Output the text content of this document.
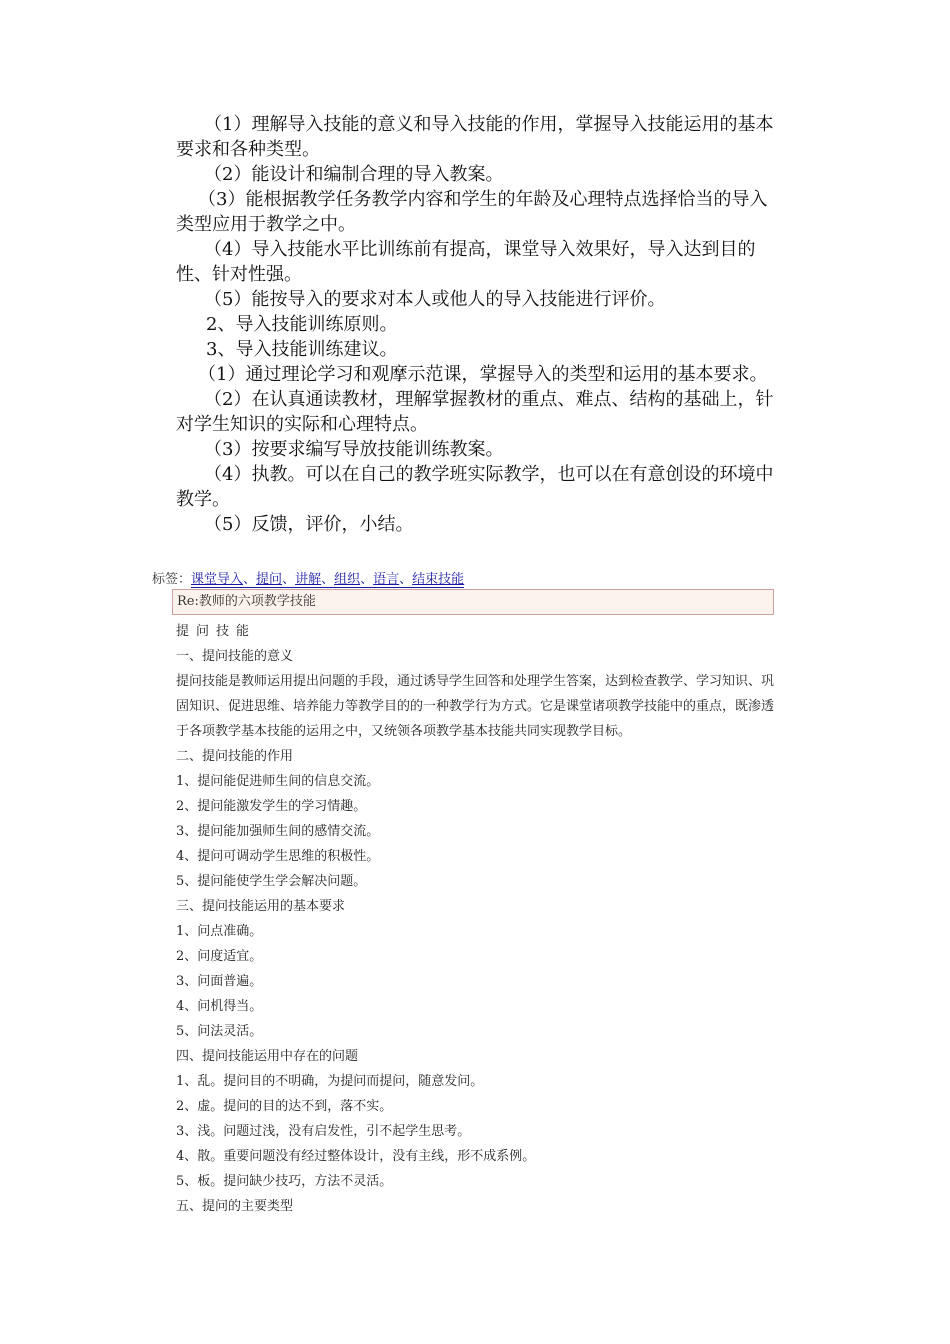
（1）理解导入技能的意义和导入技能的作用，掌握导入技能运用的基本要求和各种类型。

（2）能设计和编制合理的导入教案。

（3）能根据教学任务教学内容和学生的年龄及心理特点选择恰当的导入类型应用于教学之中。

（4）导入技能水平比训练前有提高，课堂导入效果好，导入达到目的性、针对性强。

（5）能按导入的要求对本人或他人的导入技能进行评价。

2、导入技能训练原则。

3、导入技能训练建议。

（1）通过理论学习和观摩示范课，掌握导入的类型和运用的基本要求。

（2）在认真通读教材，理解掌握教材的重点、难点、结构的基础上，针对学生知识的实际和心理特点。

（3）按要求编写导放技能训练教案。

（4）执教。可以在自己的教学班实际教学，也可以在有意创设的环境中教学。

（5）反馈，评价，小结。

标签：课堂导入、提问、讲解、组织、语言、结束技能
Re:教师的六项教学技能

提问技能

一、提问技能的意义

提问技能是教师运用提出问题的手段，通过诱导学生回答和处理学生答案，达到检查教学、学习知识、巩固知识、促进思维、培养能力等教学目的的一种教学行为方式。它是课堂诸项教学技能中的重点，既渗透于各项教学基本技能的运用之中，又统领各项教学基本技能共同实现教学目标。

二、提问技能的作用

1、提问能促进师生间的信息交流。

2、提问能激发学生的学习情趣。

3、提问能加强师生间的感情交流。

4、提问可调动学生思维的积极性。

5、提问能使学生学会解决问题。

三、提问技能运用的基本要求

1、问点准确。

2、问度适宜。

3、问面普遍。

4、问机得当。

5、问法灵活。

四、提问技能运用中存在的问题

1、乱。提问目的不明确，为提问而提问，随意发问。

2、虚。提问的目的达不到，落不实。

3、浅。问题过浅，没有启发性，引不起学生思考。

4、散。重要问题没有经过整体设计，没有主线，形不成系例。

5、板。提问缺少技巧，方法不灵活。

五、提问的主要类型
